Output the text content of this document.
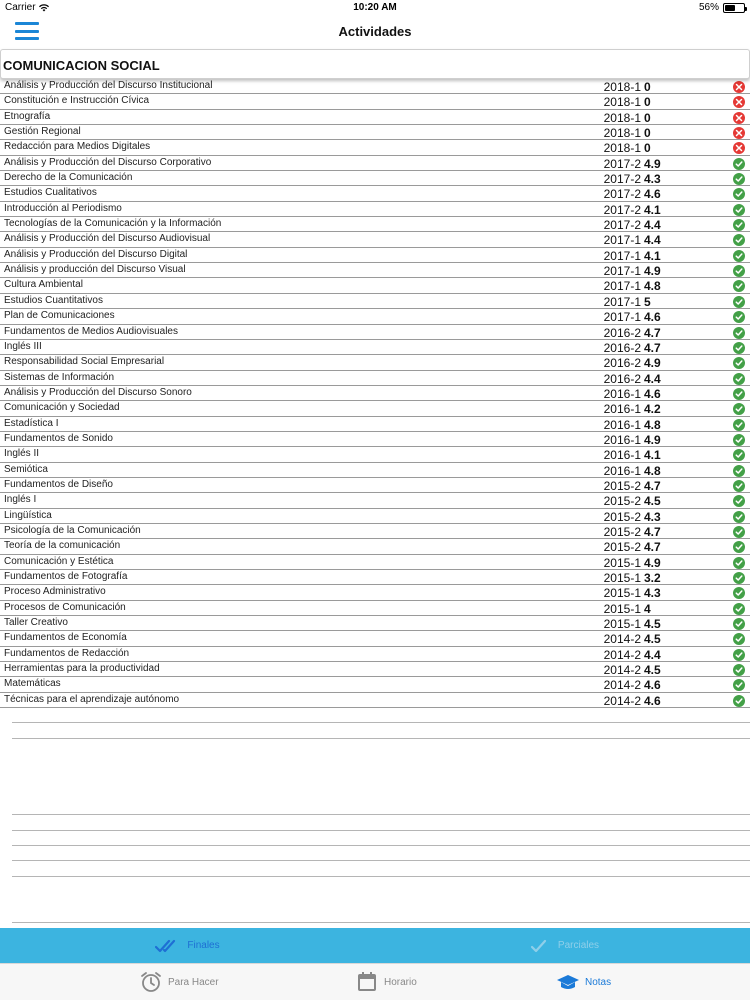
Carrier	10:20 AM	56%
Actividades
COMUNICACION SOCIAL
Análisis y Producción del Discurso Institucional	2018-1 0
Constitución e Instrucción Cívica	2018-1 0
Etnografía	2018-1 0
Gestión Regional	2018-1 0
Redacción para Medios Digitales	2018-1 0
Análisis y Producción del Discurso Corporativo	2017-2 4.9
Derecho de la Comunicación	2017-2 4.3
Estudios Cualitativos	2017-2 4.6
Introducción al Periodismo	2017-2 4.1
Tecnologías de la Comunicación y la Información	2017-2 4.4
Análisis y Producción del Discurso Audiovisual	2017-1 4.4
Análisis y Producción del Discurso Digital	2017-1 4.1
Análisis y producción del Discurso Visual	2017-1 4.9
Cultura Ambiental	2017-1 4.8
Estudios Cuantitativos	2017-1 5
Plan de Comunicaciones	2017-1 4.6
Fundamentos de Medios Audiovisuales	2016-2 4.7
Inglés III	2016-2 4.7
Responsabilidad Social Empresarial	2016-2 4.9
Sistemas de Información	2016-2 4.4
Análisis y Producción del Discurso Sonoro	2016-1 4.6
Comunicación y Sociedad	2016-1 4.2
Estadística I	2016-1 4.8
Fundamentos de Sonido	2016-1 4.9
Inglés II	2016-1 4.1
Semiótica	2016-1 4.8
Fundamentos de Diseño	2015-2 4.7
Inglés I	2015-2 4.5
Lingüística	2015-2 4.3
Psicología de la Comunicación	2015-2 4.7
Teoría de la comunicación	2015-2 4.7
Comunicación y Estética	2015-1 4.9
Fundamentos de Fotografía	2015-1 3.2
Proceso Administrativo	2015-1 4.3
Procesos de Comunicación	2015-1 4
Taller Creativo	2015-1 4.5
Fundamentos de Economía	2014-2 4.5
Fundamentos de Redacción	2014-2 4.4
Herramientas para la productividad	2014-2 4.5
Matemáticas	2014-2 4.6
Técnicas para el aprendizaje autónomo	2014-2 4.6
Finales	Parciales
Para Hacer	Horario	Notas
